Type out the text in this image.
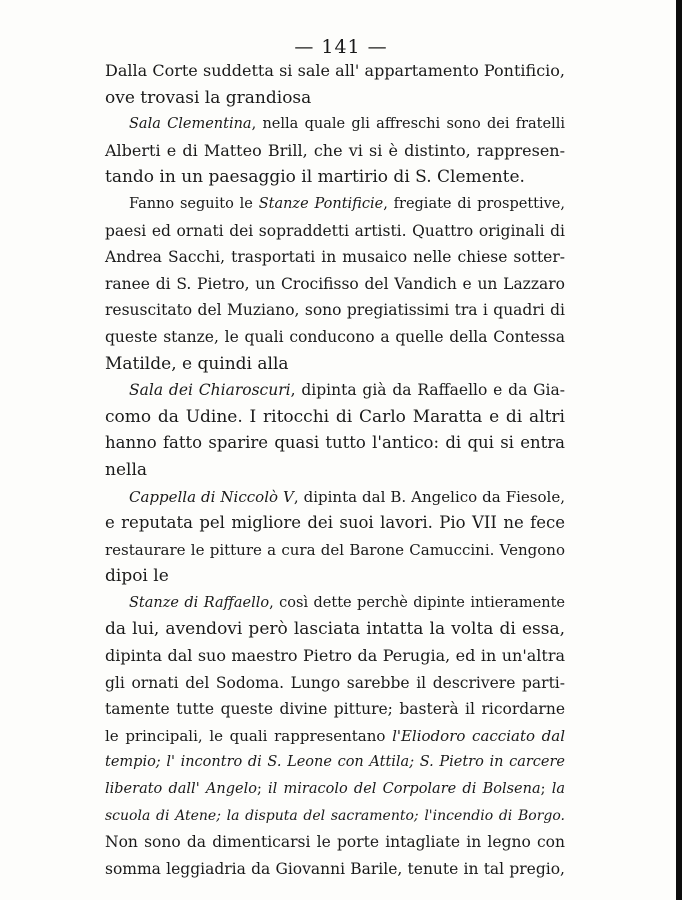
— 141 —
Dalla Corte suddetta si sale all' appartamento Pontificio,
ove trovasi la grandiosa
Sala Clementina, nella quale gli affreschi sono dei fratelli
Alberti e di Matteo Brill, che vi si è distinto, rappresen-
tando in un paesaggio il martirio di S. Clemente.
Fanno seguito le Stanze Pontificie, fregiate di prospettive,
paesi ed ornati dei sopraddetti artisti. Quattro originali di
Andrea Sacchi, trasportati in musaico nelle chiese sotter-
ranee di S. Pietro, un Crocifisso del Vandich e un Lazzaro
resuscitato del Muziano, sono pregiatissimi tra i quadri di
queste stanze, le quali conducono a quelle della Contessa
Matilde, e quindi alla
Sala dei Chiaroscuri, dipinta già da Raffaello e da Gia-
como da Udine. I ritocchi di Carlo Maratta e di altri
hanno fatto sparire quasi tutto l'antico: di qui si entra
nella
Cappella di Niccolò V, dipinta dal B. Angelico da Fiesole,
e reputata pel migliore dei suoi lavori. Pio VII ne fece
restaurare le pitture a cura del Barone Camuccini. Vengono
dipoi le
Stanze di Raffaello, così dette perchè dipinte intieramente
da lui, avendovi però lasciata intatta la volta di essa,
dipinta dal suo maestro Pietro da Perugia, ed in un'altra
gli ornati del Sodoma. Lungo sarebbe il descrivere parti-
tamente tutte queste divine pitture; basterà il ricordarne
le principali, le quali rappresentano l'Eliodoro cacciato dal
tempio; l' incontro di S. Leone con Attila; S. Pietro in carcere
liberato dall' Angelo; il miracolo del Corpolare di Bolsena; la
scuola di Atene; la disputa del sacramento; l'incendio di Borgo.
Non sono da dimenticarsi le porte intagliate in legno con
somma leggiadria da Giovanni Barile, tenute in tal pregio,
